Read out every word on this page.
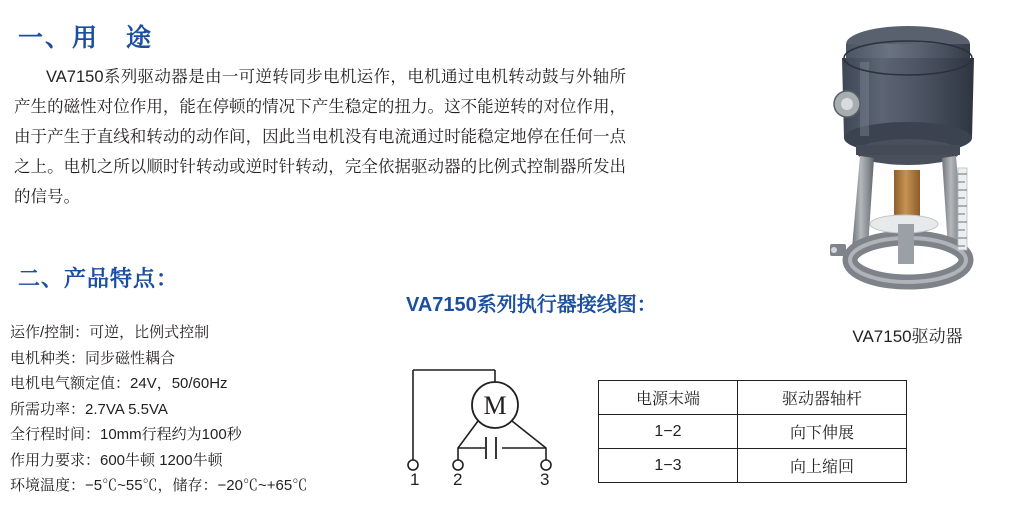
一、用　途
VA7150系列驱动器是由一可逆转同步电机运作，电机通过电机转动鼓与外轴所产生的磁性对位作用，能在停顿的情况下产生稳定的扭力。这不能逆转的对位作用，由于产生于直线和转动的动作间，因此当电机没有电流通过时能稳定地停在任何一点之上。电机之所以顺时针转动或逆时针转动，完全依据驱动器的比例式控制器所发出的信号。
二、产品特点：
运作/控制：可逆，比例式控制
电机种类：同步磁性耦合
电机电气额定值：24V，50/60Hz
所需功率：2.7VA 5.5VA
全行程时间：10mm行程约为100秒
作用力要求：600牛顿 1200牛顿
环境温度：−5℃~55℃，储存：−20℃~+65℃
VA7150系列执行器接线图：
M
1 2	3
电源末端	驱动器轴杆
1−2	向下伸展
1−3	向上缩回
VA7150驱动器
